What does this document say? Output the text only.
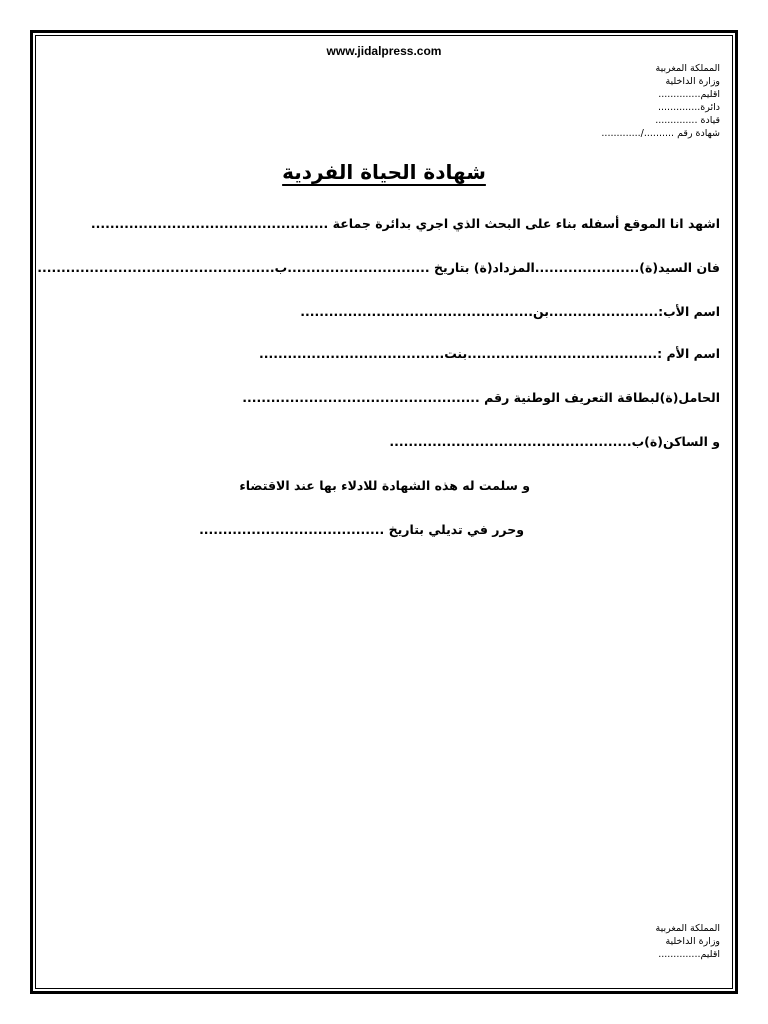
www.jidalpress.com
المملكة المغربية
وزارة الداخلية
اقليم..............
دائرة..............
قيادة ..............
شهادة رقم ........../.............
شهادة الحياة الفردية
اشهد انا الموقع أسفله بناء على البحث الذي اجري بدائرة جماعة ..................................................
فان السيد(ة)......................المزداد(ة) بتاريخ ..............................ب..................................................
اسم الأب:.......................بن.................................................
اسم الأم :........................................بنت.......................................
الحامل(ة)لبطاقة التعريف الوطنية رقم ..................................................
و الساكن(ة)ب...................................................
و سلمت له هذه الشهادة للادلاء بها عند الاقتضاء
وحرر في تديلي بتاريخ .......................................
المملكة المغربية
وزارة الداخلية
اقليم..............
